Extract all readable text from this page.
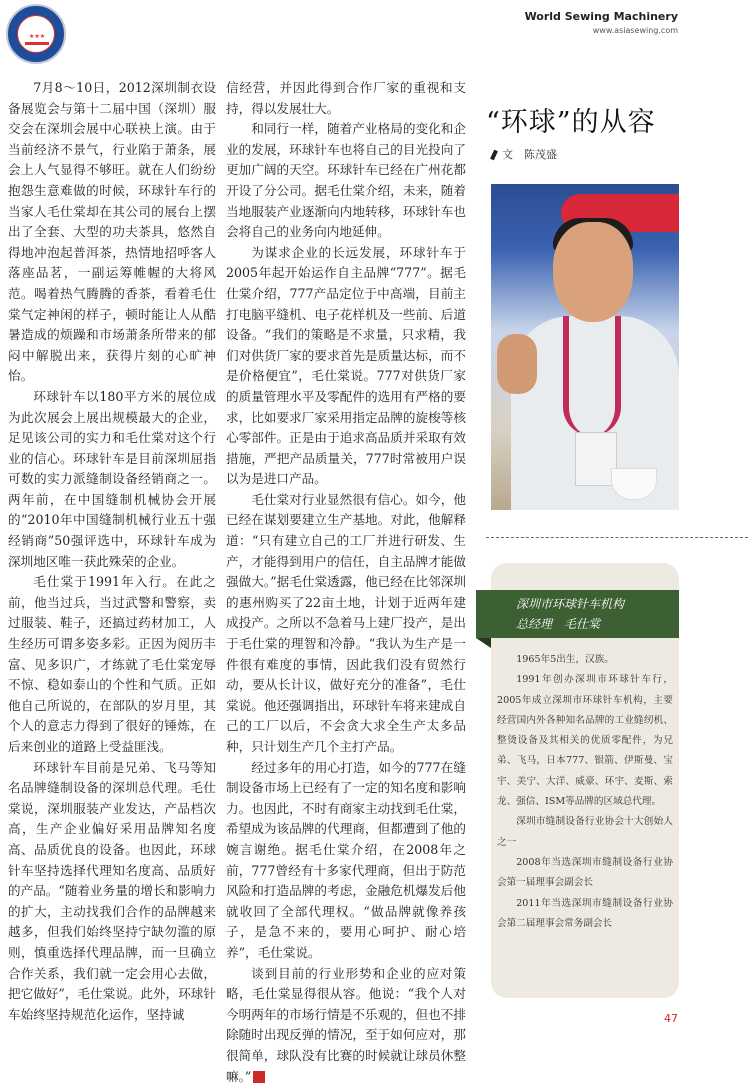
★★★
World Sewing Machinery
www.asiasewing.com

7月8～10日，2012深圳制衣设备展览会与第十二届中国（深圳）服交会在深圳会展中心联袂上演。由于当前经济不景气，行业陷于萧条，展会上人气显得不够旺。就在人们纷纷抱怨生意难做的时候，环球针车行的当家人毛仕棠却在其公司的展台上摆出了全套、大型的功夫茶具，悠然自得地冲泡起普洱茶，热情地招呼客人落座品茗，一副运筹帷幄的大将风范。喝着热气腾腾的香茶，看着毛仕棠气定神闲的样子，顿时能让人从酷暑造成的烦躁和市场萧条所带来的郁闷中解脱出来，获得片刻的心旷神怡。

环球针车以180平方米的展位成为此次展会上展出规模最大的企业，足见该公司的实力和毛仕棠对这个行业的信心。环球针车是目前深圳屈指可数的实力派缝制设备经销商之一。两年前，在中国缝制机械协会开展的“2010年中国缝制机械行业五十强经销商”50强评选中，环球针车成为深圳地区唯一获此殊荣的企业。

毛仕棠于1991年入行。在此之前，他当过兵，当过武警和警察，卖过服装、鞋子，还搞过药材加工，人生经历可谓多姿多彩。正因为阅历丰富、见多识广，才练就了毛仕棠宠辱不惊、稳如泰山的个性和气质。正如他自己所说的，在部队的岁月里，其个人的意志力得到了很好的锤炼，在后来创业的道路上受益匪浅。

环球针车目前是兄弟、飞马等知名品牌缝制设备的深圳总代理。毛仕棠说，深圳服装产业发达，产品档次高，生产企业偏好采用品牌知名度高、品质优良的设备。也因此，环球针车坚持选择代理知名度高、品质好的产品。“随着业务量的增长和影响力的扩大，主动找我们合作的品牌越来越多，但我们始终坚持宁缺勿滥的原则，慎重选择代理品牌，而一旦确立合作关系，我们就一定会用心去做，把它做好”，毛仕棠说。此外，环球针车始终坚持规范化运作，坚持诚

信经营，并因此得到合作厂家的重视和支持，得以发展壮大。

和同行一样，随着产业格局的变化和企业的发展，环球针车也将自己的目光投向了更加广阔的天空。环球针车已经在广州花都开设了分公司。据毛仕棠介绍，未来，随着当地服装产业逐渐向内地转移，环球针车也会将自己的业务向内地延伸。

为谋求企业的长远发展，环球针车于2005年起开始运作自主品牌“777”。据毛仕棠介绍，777产品定位于中高端，目前主打电脑平缝机、电子花样机及一些前、后道设备。“我们的策略是不求量，只求精，我们对供货厂家的要求首先是质量达标，而不是价格便宜”，毛仕棠说。777对供货厂家的质量管理水平及零配件的选用有严格的要求，比如要求厂家采用指定品牌的旋梭等核心零部件。正是由于追求高品质并采取有效措施，严把产品质量关，777时常被用户误以为是进口产品。

毛仕棠对行业显然很有信心。如今，他已经在谋划要建立生产基地。对此，他解释道：“只有建立自己的工厂并进行研发、生产，才能得到用户的信任，自主品牌才能做强做大。”据毛仕棠透露，他已经在比邻深圳的惠州购买了22亩土地，计划于近两年建成投产。之所以不急着马上建厂投产，是出于毛仕棠的理智和冷静。“我认为生产是一件很有难度的事情，因此我们没有贸然行动，要从长计议，做好充分的准备”，毛仕棠说。他还强调指出，环球针车将来建成自己的工厂以后，不会贪大求全生产太多品种，只计划生产几个主打产品。

经过多年的用心打造，如今的777在缝制设备市场上已经有了一定的知名度和影响力。也因此，不时有商家主动找到毛仕棠，希望成为该品牌的代理商，但都遭到了他的婉言谢绝。据毛仕棠介绍，在2008年之前，777曾经有十多家代理商，但出于防范风险和打造品牌的考虑，金融危机爆发后他就收回了全部代理权。“做品牌就像养孩子，是急不来的，要用心呵护、耐心培养”，毛仕棠说。

谈到目前的行业形势和企业的应对策略，毛仕棠显得很从容。他说：“我个人对今明两年的市场行情是不乐观的，但也不排除随时出现反弹的情况，至于如何应对，那很简单，球队没有比赛的时候就让球员休整嘛。”

“环球”的从容
文　陈茂盛
深圳市环球针车机构
总经理　毛仕棠

1965年5出生，汉族。

1991年创办深圳市环球针车行，2005年成立深圳市环球针车机构，主要经营国内外各种知名品牌的工业缝纫机、整烫设备及其相关的优质零配件，为兄弟、飞马，日本777、银箭、伊斯曼、宝宇、美宁、大洋、威豪、环宇、麦斯、索龙、强信、ISM等品牌的区域总代理。

深圳市缝制设备行业协会十大创始人之一

2008年当选深圳市缝制设备行业协会第一届理事会副会长

2011年当选深圳市缝制设备行业协会第二届理事会常务副会长

47
